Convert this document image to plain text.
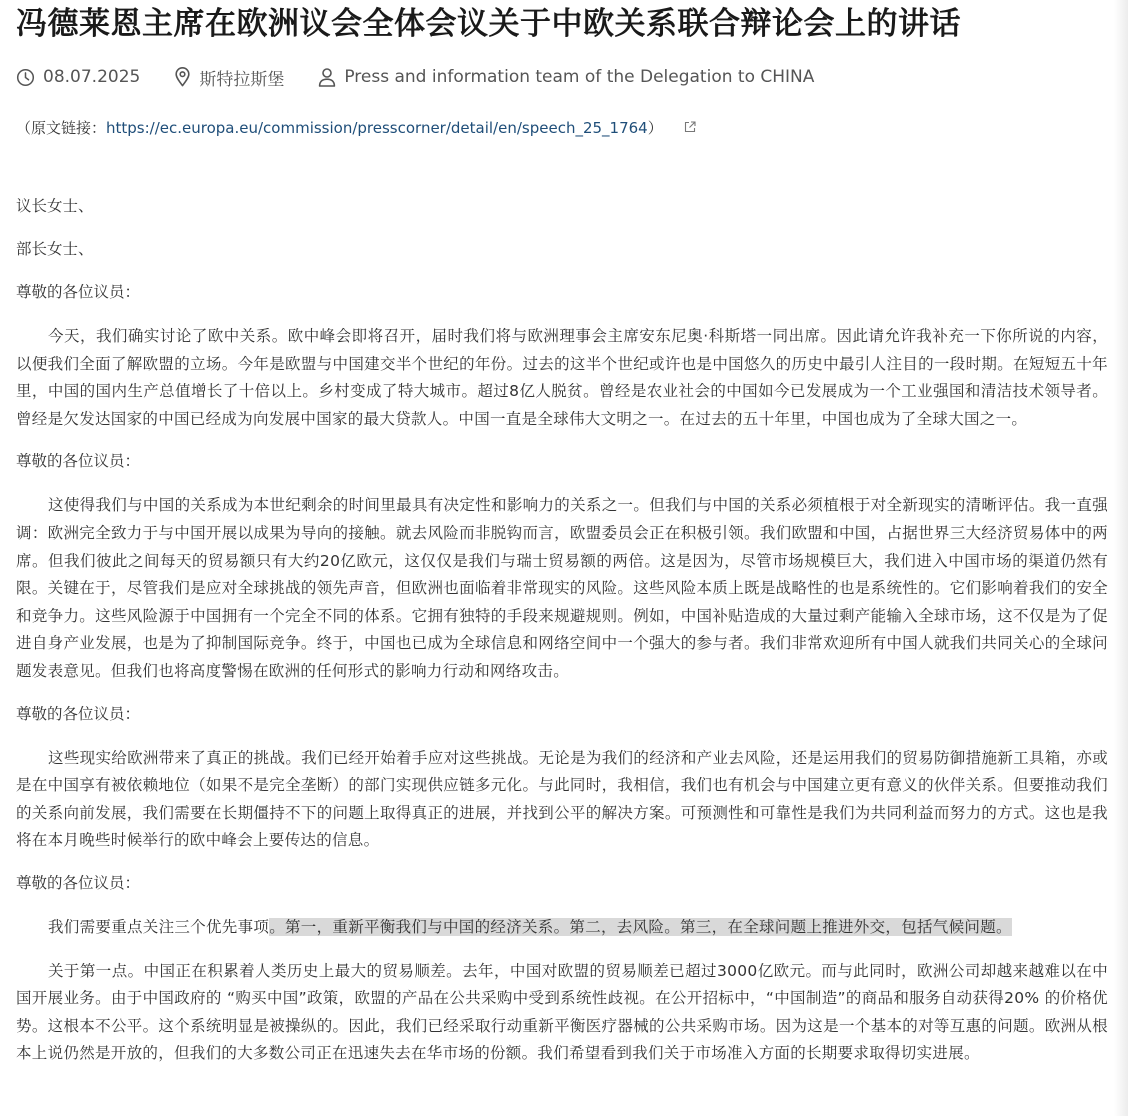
冯德莱恩主席在欧洲议会全体会议关于中欧关系联合辩论会上的讲话
08.07.2025	斯特拉斯堡	Press and information team of the Delegation to CHINA
（原文链接：https://ec.europa.eu/commission/presscorner/detail/en/speech_25_1764）

议长女士、

部长女士、

尊敬的各位议员：

今天，我们确实讨论了欧中关系。欧中峰会即将召开，届时我们将与欧洲理事会主席安东尼奥·科斯塔一同出席。因此请允许我补充一下你所说的内容，以便我们全面了解欧盟的立场。今年是欧盟与中国建交半个世纪的年份。过去的这半个世纪或许也是中国悠久的历史中最引人注目的一段时期。在短短五十年里，中国的国内生产总值增长了十倍以上。乡村变成了特大城市。超过8亿人脱贫。曾经是农业社会的中国如今已发展成为一个工业强国和清洁技术领导者。曾经是欠发达国家的中国已经成为向发展中国家的最大贷款人。中国一直是全球伟大文明之一。在过去的五十年里，中国也成为了全球大国之一。

尊敬的各位议员：

这使得我们与中国的关系成为本世纪剩余的时间里最具有决定性和影响力的关系之一。但我们与中国的关系必须植根于对全新现实的清晰评估。我一直强调：欧洲完全致力于与中国开展以成果为导向的接触。就去风险而非脱钩而言，欧盟委员会正在积极引领。我们欧盟和中国，占据世界三大经济贸易体中的两席。但我们彼此之间每天的贸易额只有大约20亿欧元，这仅仅是我们与瑞士贸易额的两倍。这是因为，尽管市场规模巨大，我们进入中国市场的渠道仍然有限。关键在于，尽管我们是应对全球挑战的领先声音，但欧洲也面临着非常现实的风险。这些风险本质上既是战略性的也是系统性的。它们影响着我们的安全和竞争力。这些风险源于中国拥有一个完全不同的体系。它拥有独特的手段来规避规则。例如，中国补贴造成的大量过剩产能输入全球市场，这不仅是为了促进自身产业发展，也是为了抑制国际竞争。终于，中国也已成为全球信息和网络空间中一个强大的参与者。我们非常欢迎所有中国人就我们共同关心的全球问题发表意见。但我们也将高度警惕在欧洲的任何形式的影响力行动和网络攻击。

尊敬的各位议员：

这些现实给欧洲带来了真正的挑战。我们已经开始着手应对这些挑战。无论是为我们的经济和产业去风险，还是运用我们的贸易防御措施新工具箱，亦或是在中国享有被依赖地位（如果不是完全垄断）的部门实现供应链多元化。与此同时，我相信，我们也有机会与中国建立更有意义的伙伴关系。但要推动我们的关系向前发展，我们需要在长期僵持不下的问题上取得真正的进展，并找到公平的解决方案。可预测性和可靠性是我们为共同利益而努力的方式。这也是我将在本月晚些时候举行的欧中峰会上要传达的信息。

尊敬的各位议员：

我们需要重点关注三个优先事项。第一，重新平衡我们与中国的经济关系。第二，去风险。第三，在全球问题上推进外交，包括气候问题。

关于第一点。中国正在积累着人类历史上最大的贸易顺差。去年，中国对欧盟的贸易顺差已超过3000亿欧元。而与此同时，欧洲公司却越来越难以在中国开展业务。由于中国政府的 “购买中国”政策，欧盟的产品在公共采购中受到系统性歧视。在公开招标中，“中国制造”的商品和服务自动获得20% 的价格优势。这根本不公平。这个系统明显是被操纵的。因此，我们已经采取行动重新平衡医疗器械的公共采购市场。因为这是一个基本的对等互惠的问题。欧洲从根本上说仍然是开放的，但我们的大多数公司正在迅速失去在华市场的份额。我们希望看到我们关于市场准入方面的长期要求取得切实进展。
